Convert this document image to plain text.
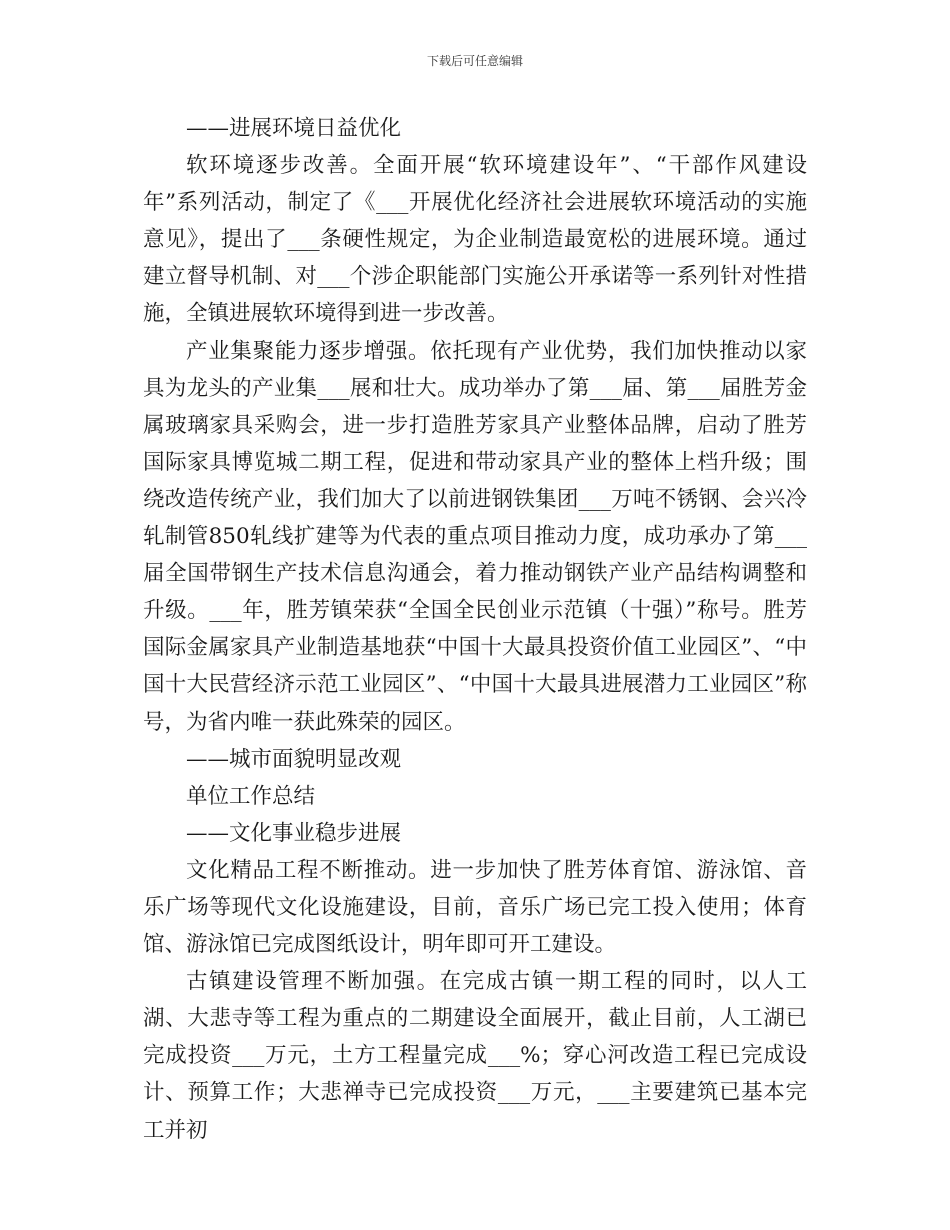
下载后可任意编辑

——进展环境日益优化

软环境逐步改善。全面开展“软环境建设年”、“干部作风建设年”系列活动，制定了《___开展优化经济社会进展软环境活动的实施意见》，提出了___条硬性规定，为企业制造最宽松的进展环境。通过建立督导机制、对___个涉企职能部门实施公开承诺等一系列针对性措施，全镇进展软环境得到进一步改善。

产业集聚能力逐步增强。依托现有产业优势，我们加快推动以家具为龙头的产业集___展和壮大。成功举办了第___届、第___届胜芳金属玻璃家具采购会，进一步打造胜芳家具产业整体品牌，启动了胜芳国际家具博览城二期工程，促进和带动家具产业的整体上档升级；围绕改造传统产业，我们加大了以前进钢铁集团___万吨不锈钢、会兴冷轧制管850轧线扩建等为代表的重点项目推动力度，成功承办了第___届全国带钢生产技术信息沟通会，着力推动钢铁产业产品结构调整和升级。___年，胜芳镇荣获“全国全民创业示范镇（十强）”称号。胜芳国际金属家具产业制造基地获“中国十大最具投资价值工业园区”、“中国十大民营经济示范工业园区”、“中国十大最具进展潜力工业园区”称号，为省内唯一获此殊荣的园区。

——城市面貌明显改观

单位工作总结

——文化事业稳步进展

文化精品工程不断推动。进一步加快了胜芳体育馆、游泳馆、音乐广场等现代文化设施建设，目前，音乐广场已完工投入使用；体育馆、游泳馆已完成图纸设计，明年即可开工建设。

古镇建设管理不断加强。在完成古镇一期工程的同时，以人工湖、大悲寺等工程为重点的二期建设全面展开，截止目前，人工湖已完成投资___万元，土方工程量完成___%；穿心河改造工程已完成设计、预算工作；大悲禅寺已完成投资___万元，___主要建筑已基本完工并初
